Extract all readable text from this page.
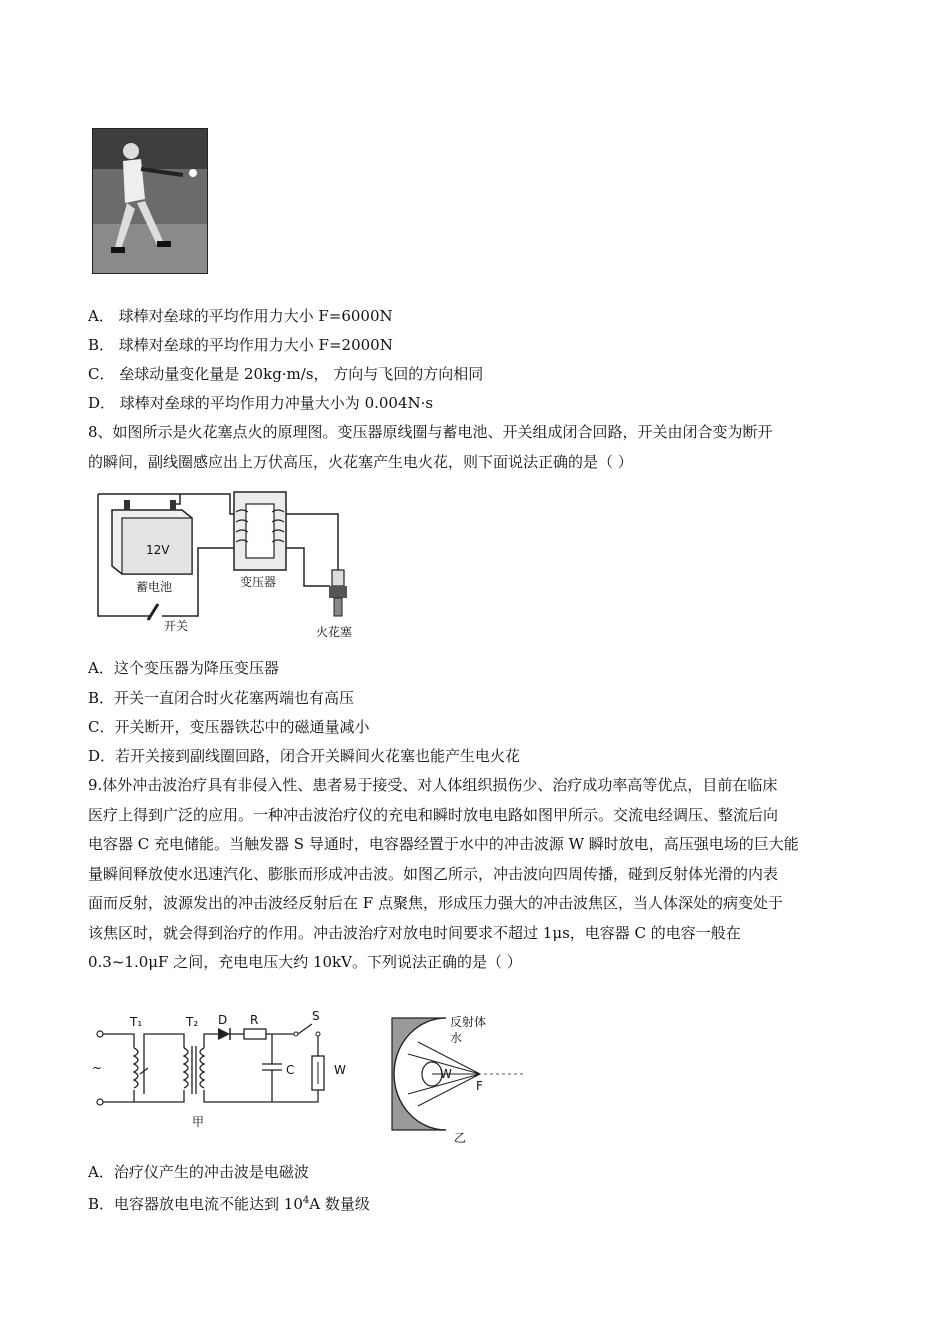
A． 球棒对垒球的平均作用力大小 F=6000N
B． 球棒对垒球的平均作用力大小 F=2000N
C． 垒球动量变化量是 20kg·m/s， 方向与飞回的方向相同
D． 球棒对垒球的平均作用力冲量大小为 0.004N·s
8、如图所示是火花塞点火的原理图。变压器原线圈与蓄电池、开关组成闭合回路，开关由闭合变为断开
的瞬间，副线圈感应出上万伏高压，火花塞产生电火花，则下面说法正确的是（ ）
12V
蓄电池	变压器
开关	火花塞
A．这个变压器为降压变压器
B．开关一直闭合时火花塞两端也有高压
C．开关断开，变压器铁芯中的磁通量减小
D．若开关接到副线圈回路，闭合开关瞬间火花塞也能产生电火花
9.体外冲击波治疗具有非侵入性、患者易于接受、对人体组织损伤少、治疗成功率高等优点，目前在临床
医疗上得到广泛的应用。一种冲击波治疗仪的充电和瞬时放电电路如图甲所示。交流电经调压、整流后向
电容器 C 充电储能。当触发器 S 导通时，电容器经置于水中的冲击波源 W 瞬时放电，高压强电场的巨大能
量瞬间释放使水迅速汽化、膨胀而形成冲击波。如图乙所示，冲击波向四周传播，碰到反射体光滑的内表
面而反射，波源发出的冲击波经反射后在 F 点聚焦，形成压力强大的冲击波焦区，当人体深处的病变处于
该焦区时，就会得到治疗的作用。冲击波治疗对放电时间要求不超过 1μs，电容器 C 的电容一般在
0.3~1.0μF 之间，充电电压大约 10kV。下列说法正确的是（ ）
~
T₁	T₂ D R
C
S
W
甲
反射体
水
W
F
乙
A．治疗仪产生的冲击波是电磁波
B．电容器放电电流不能达到 $10^4A$ 数量级
